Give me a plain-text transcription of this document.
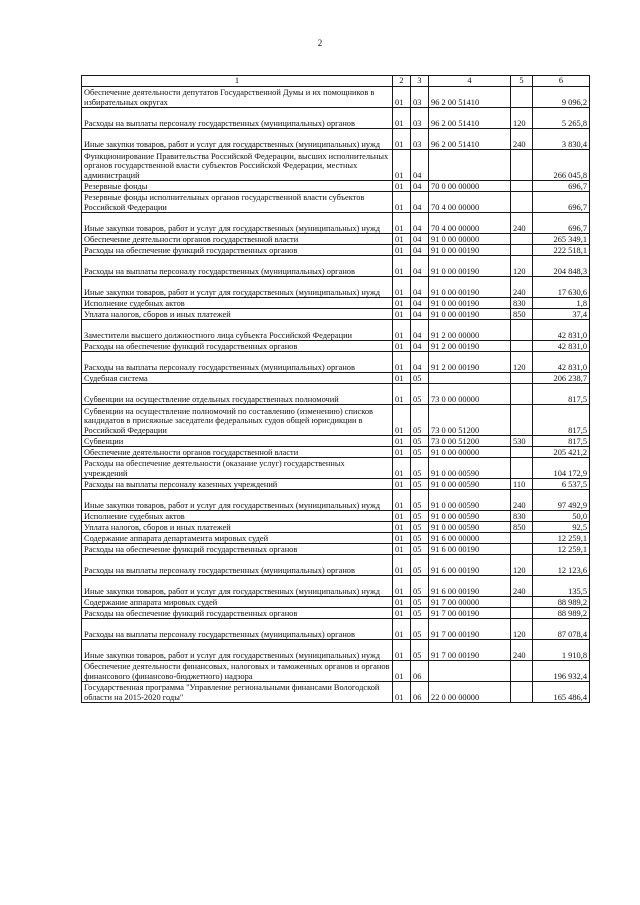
2
1	2	3	4	5	6
Обеспечение деятельности депутатов Государственной Думы и их помощников в избирательных округах	01	03	96 2 00 51410		9 096,2
Расходы на выплаты персоналу государственных (муниципальных) органов	01	03	96 2 00 51410	120	5 265,8
Иные закупки товаров, работ и услуг для государственных (муниципальных) нужд	01	03	96 2 00 51410	240	3 830,4
Функционирование Правительства Российской Федерации, высших исполнительных органов государственной власти субъектов Российской Федерации, местных администраций	01	04			266 045,8
Резервные фонды	01	04	70 0 00 00000		696,7
Резервные фонды исполнительных органов государственной власти субъектов Российской Федерации	01	04	70 4 00 00000		696,7
Иные закупки товаров, работ и услуг для государственных (муниципальных) нужд	01	04	70 4 00 00000	240	696,7
Обеспечение деятельности органов государственной власти	01	04	91 0 00 00000		265 349,1
Расходы на обеспечение функций государственных органов	01	04	91 0 00 00190		222 518,1
Расходы на выплаты персоналу государственных (муниципальных) органов	01	04	91 0 00 00190	120	204 848,3
Иные закупки товаров, работ и услуг для государственных (муниципальных) нужд	01	04	91 0 00 00190	240	17 630,6
Исполнение судебных актов	01	04	91 0 00 00190	830	1,8
Уплата налогов, сборов и иных платежей	01	04	91 0 00 00190	850	37,4
Заместители высшего должностного лица субъекта Российской Федерации	01	04	91 2 00 00000		42 831,0
Расходы на обеспечение функций государственных органов	01	04	91 2 00 00190		42 831,0
Расходы на выплаты персоналу государственных (муниципальных) органов	01	04	91 2 00 00190	120	42 831,0
Судебная система	01	05			206 238,7
Субвенции на осуществление отдельных государственных полномочий	01	05	73 0 00 00000		817,5
Субвенции на осуществление полномочий по составлению (изменению) списков кандидатов в присяжные заседатели федеральных судов общей юрисдикции в Российской Федерации	01	05	73 0 00 51200		817,5
Субвенции	01	05	73 0 00 51200	530	817,5
Обеспечение деятельности органов государственной власти	01	05	91 0 00 00000		205 421,2
Расходы на обеспечение деятельности (оказание услуг) государственных учреждений	01	05	91 0 00 00590		104 172,9
Расходы на выплаты персоналу казенных учреждений	01	05	91 0 00 00590	110	6 537,5
Иные закупки товаров, работ и услуг для государственных (муниципальных) нужд	01	05	91 0 00 00590	240	97 492,9
Исполнение судебных актов	01	05	91 0 00 00590	830	50,0
Уплата налогов, сборов и иных платежей	01	05	91 0 00 00590	850	92,5
Содержание аппарата департамента мировых судей	01	05	91 6 00 00000		12 259,1
Расходы на обеспечение функций государственных органов	01	05	91 6 00 00190		12 259,1
Расходы на выплаты персоналу государственных (муниципальных) органов	01	05	91 6 00 00190	120	12 123,6
Иные закупки товаров, работ и услуг для государственных (муниципальных) нужд	01	05	91 6 00 00190	240	135,5
Содержание аппарата мировых судей	01	05	91 7 00 00000		88 989,2
Расходы на обеспечение функций государственных органов	01	05	91 7 00 00190		88 989,2
Расходы на выплаты персоналу государственных (муниципальных) органов	01	05	91 7 00 00190	120	87 078,4
Иные закупки товаров, работ и услуг для государственных (муниципальных) нужд	01	05	91 7 00 00190	240	1 910,8
Обеспечение деятельности финансовых, налоговых и таможенных органов и органов финансового (финансово-бюджетного) надзора	01	06			196 932,4
Государственная программа "Управление региональными финансами Вологодской области на 2015-2020 годы"	01	06	22 0 00 00000		165 486,4
